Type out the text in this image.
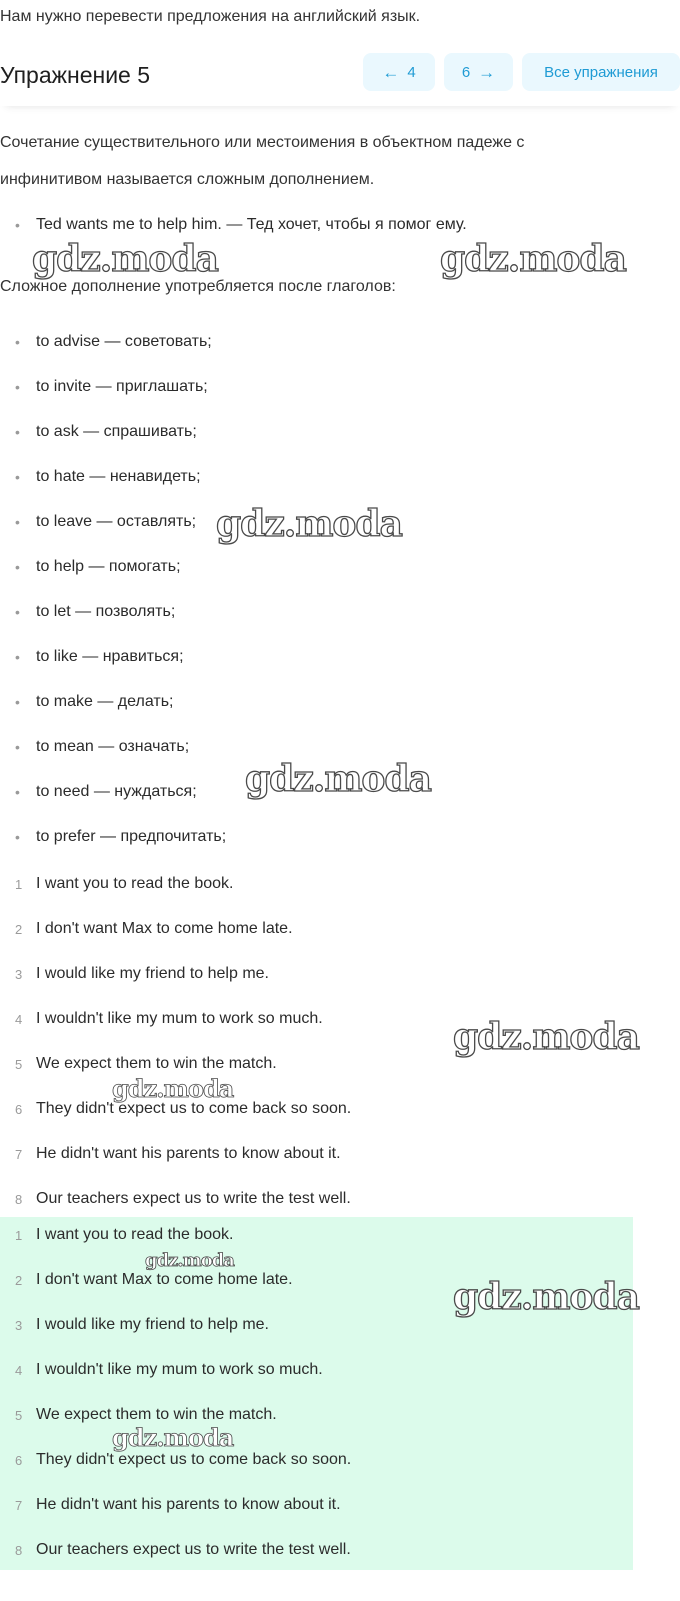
Нам нужно перевести предложения на английский язык.
Упражнение 5	← 4	6 →	Все упражнения
Сочетание существительного или местоимения в объектном падеже с инфинитивом называется сложным дополнением.
•	Ted wants me to help him. — Тед хочет, чтобы я помог ему.
Сложное дополнение употребляется после глаголов:
•	to advise — советовать;
•	to invite — приглашать;
•	to ask — спрашивать;
•	to hate — ненавидеть;
•	to leave — оставлять;
•	to help — помогать;
•	to let — позволять;
•	to like — нравиться;
•	to make — делать;
•	to mean — означать;
•	to need — нуждаться;
•	to prefer — предпочитать;
1 I want you to read the book.
2 I don't want Max to come home late.
3 I would like my friend to help me.
4 I wouldn't like my mum to work so much.
5 We expect them to win the match.
6 They didn't expect us to come back so soon.
7 He didn't want his parents to know about it.
8 Our teachers expect us to write the test well.
1 I want you to read the book.
2 I don't want Max to come home late.
3 I would like my friend to help me.
4 I wouldn't like my mum to work so much.
5 We expect them to win the match.
6 They didn't expect us to come back so soon.
7 He didn't want his parents to know about it.
8 Our teachers expect us to write the test well.
gdz.moda	gdz.moda
gdz.moda
gdz.moda
gdz.moda
gdz.moda
gdz.moda
gdz.moda
gdz.moda
